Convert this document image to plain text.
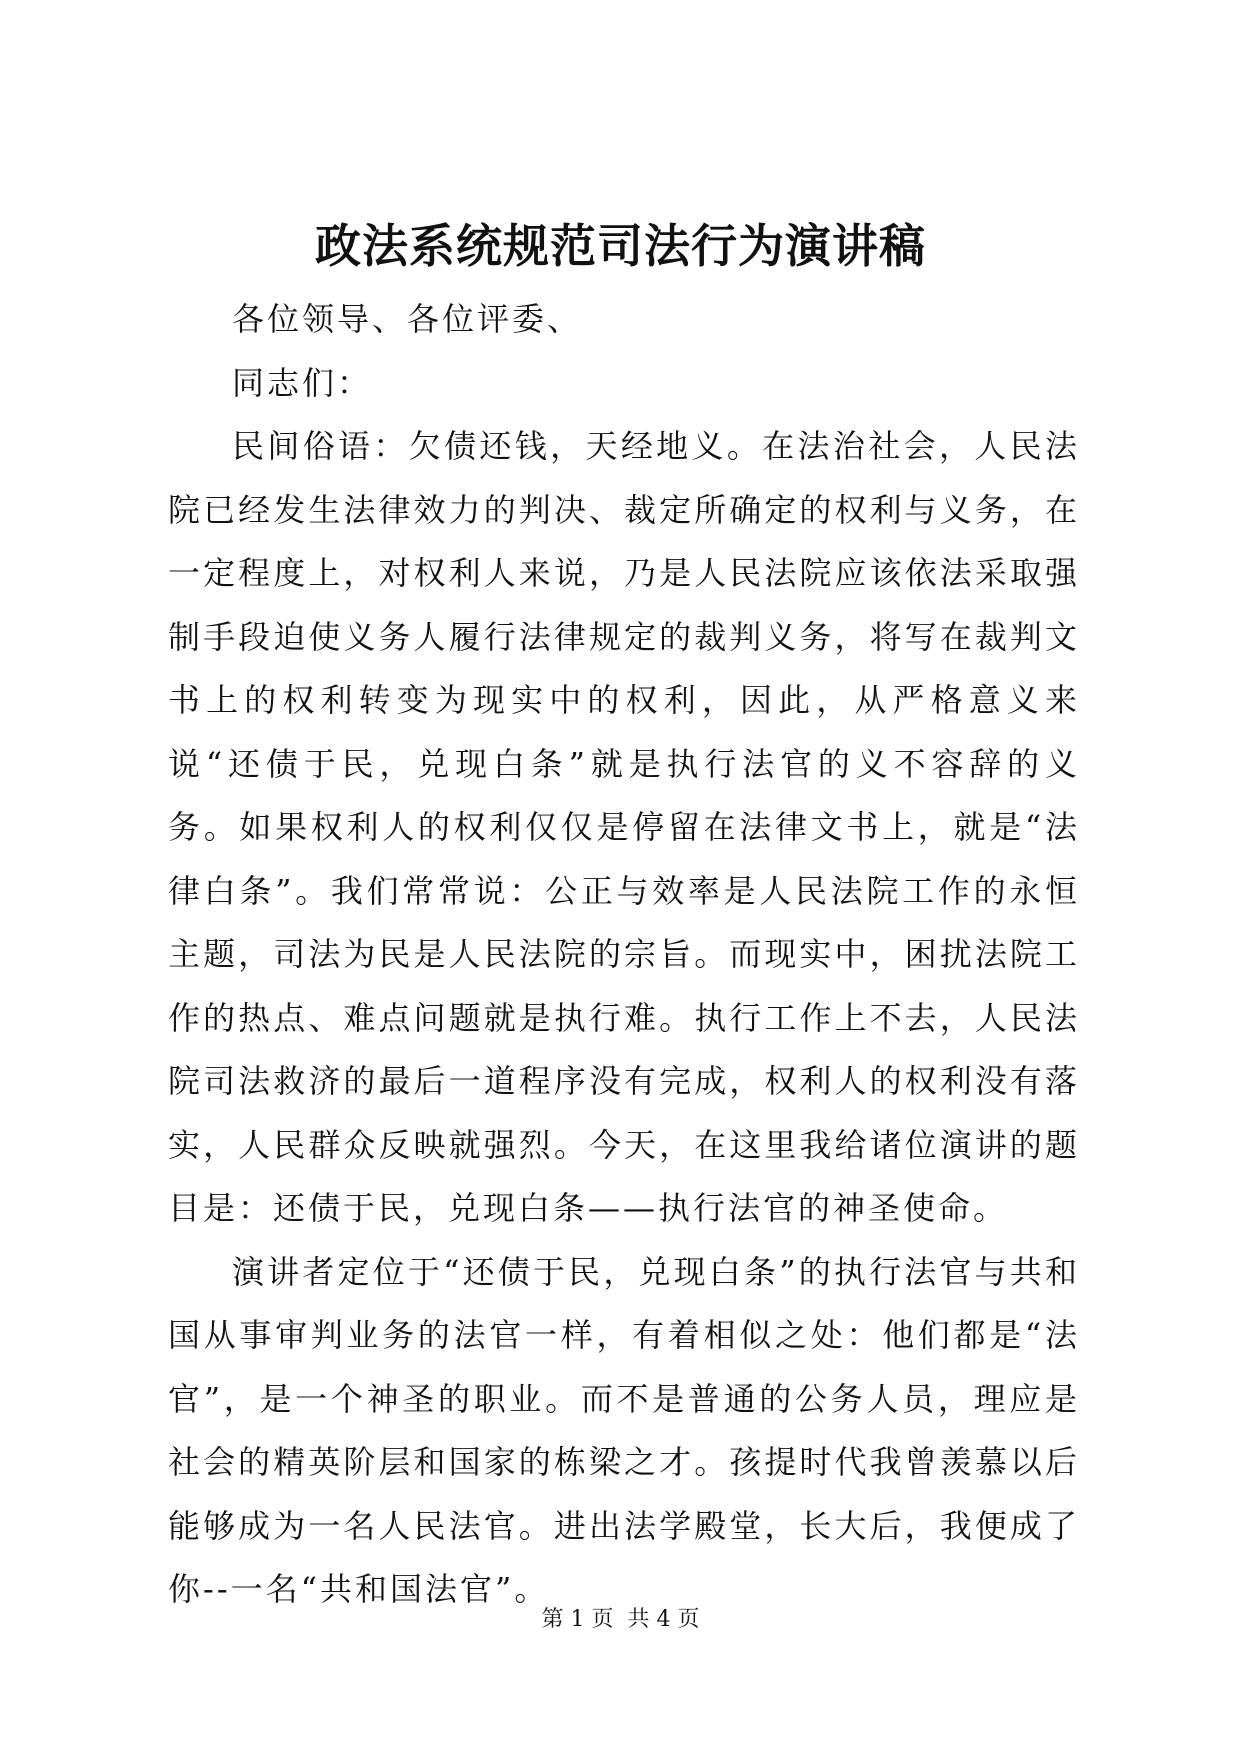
政法系统规范司法行为演讲稿

各位领导、各位评委、

同志们：

民间俗语：欠债还钱，天经地义。在法治社会，人民法院已经发生法律效力的判决、裁定所确定的权利与义务，在一定程度上，对权利人来说，乃是人民法院应该依法采取强制手段迫使义务人履行法律规定的裁判义务，将写在裁判文书上的权利转变为现实中的权利，因此，从严格意义来说“还债于民，兑现白条”就是执行法官的义不容辞的义务。如果权利人的权利仅仅是停留在法律文书上，就是“法律白条”。我们常常说：公正与效率是人民法院工作的永恒主题，司法为民是人民法院的宗旨。而现实中，困扰法院工作的热点、难点问题就是执行难。执行工作上不去，人民法院司法救济的最后一道程序没有完成，权利人的权利没有落实，人民群众反映就强烈。今天，在这里我给诸位演讲的题目是：还债于民，兑现白条——执行法官的神圣使命。

演讲者定位于“还债于民，兑现白条”的执行法官与共和国从事审判业务的法官一样，有着相似之处：他们都是“法官”，是一个神圣的职业。而不是普通的公务人员，理应是社会的精英阶层和国家的栋梁之才。孩提时代我曾羡慕以后能够成为一名人民法官。进出法学殿堂，长大后，我便成了你--一名“共和国法官”。

第 1 页  共 4 页
